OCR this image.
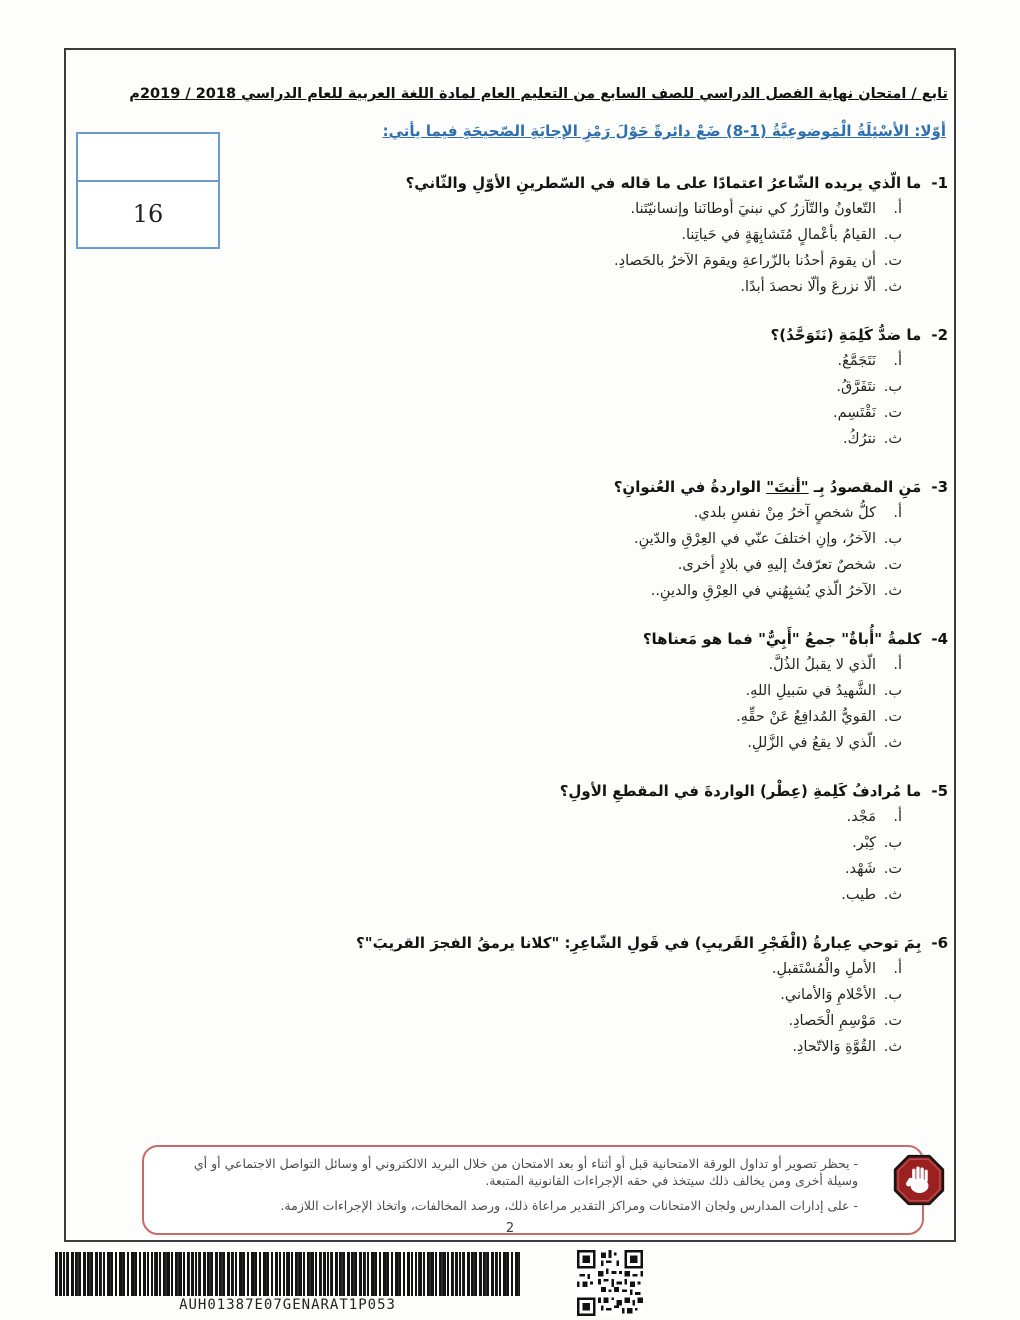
تابع / امتحان نهاية الفصل الدراسي للصف السابع من التعليم العام لمادة اللغة العربية للعام الدراسي 2018 ‏/‏ 2019م
16
أوّلا: الأسْئِلَةُ الْمَوضوعِيَّةُ (1‏-‏8) ضَعْ دائرةً حَوْلَ رَمْزِ الإجابَةِ الصّحيحَةِ فيما يأتي:
1-ما الّذي يريده الشّاعرُ اعتمادًا على ما قاله في السّطرينِ الأوّلِ والثّاني؟
أ.التّعاونُ والتّآزرُ كي نبنيَ أوطانَنا وإنسانيّتَنا.
ب.القيامُ بأعْمالٍ مُتَشابِهَةٍ في حَياتِنا.
ت.أن يقومَ أحدُنا بالزّراعةِ ويقومَ الآخرُ بالحَصادِ.
ث.ألّا نزرعَ وألّا نحصدَ أبدًا.
2-ما ضدُّ كَلِمَةِ (نَتَوَحَّدُ)؟
أ.نَتَجَمَّعُ.
ب.نتَفَرَّقُ.
ت.نَقْتَسِم.
ث.نترُكُ.
3-مَنِ المقصودُ بِـ "أنتَ" الواردةُ في العُنوانِ؟
أ.كلُّ شخصٍ آخرُ مِنْ نفسِ بلدي.
ب.الآخرُ، وإنِ اختلفَ عنّي في العِرْقِ والدّينِ.
ت.شخصٌ تعرّفتُ إليهِ في بلادٍ أخرى.
ث.الآخرُ الّذي يُشبِهُني في العِرْقِ والدينِ..
4-كلمةُ "أُباةٌ" جمعُ "أَبِيٌّ" فما هو مَعناها؟
أ.الّذي لا يقبلُ الذُلَّ.
ب.الشَّهيدُ في سَبيلِ اللهِ.
ت.القويُّ المُدافِعُ عَنْ حقِّهِ.
ث.الّذي لا يقعُ في الزَّللِ.
5-ما مُرادفُ كَلِمةِ (عِطْر) الواردةَ في المقطعِ الأولِ؟
أ.مَجْد.
ب.كِبْر.
ت.شَهْد.
ث.طيب.
6-بِمَ توحي عِبارةُ (الْفَجْرِ القَريبِ) في قَولِ الشّاعِرِ: "كلانا يرمقُ الفجرَ القريبَ"؟
أ.الأملِ والْمُسْتَقبلِ.
ب.الأحْلامِ وَالأماني.
ت.مَوْسِمِ الْحَصادِ.
ث.القُوَّةِ وَالاتّحادِ.

- يحظر تصوير أو تداول الورقة الامتحانية قبل أو أثناء أو بعد الامتحان من خلال البريد الالكتروني أو وسائل التواصل الاجتماعي أو أي وسيلة أخرى ومن يخالف ذلك سيتخذ في حقه الإجراءات القانونية المتبعة.

- على إدارات المدارس ولجان الامتحانات ومراكز التقدير مراعاة ذلك، ورصد المخالفات، واتخاذ الإجراءات اللازمة.

2
AUH01387E07GENARAT1P053
